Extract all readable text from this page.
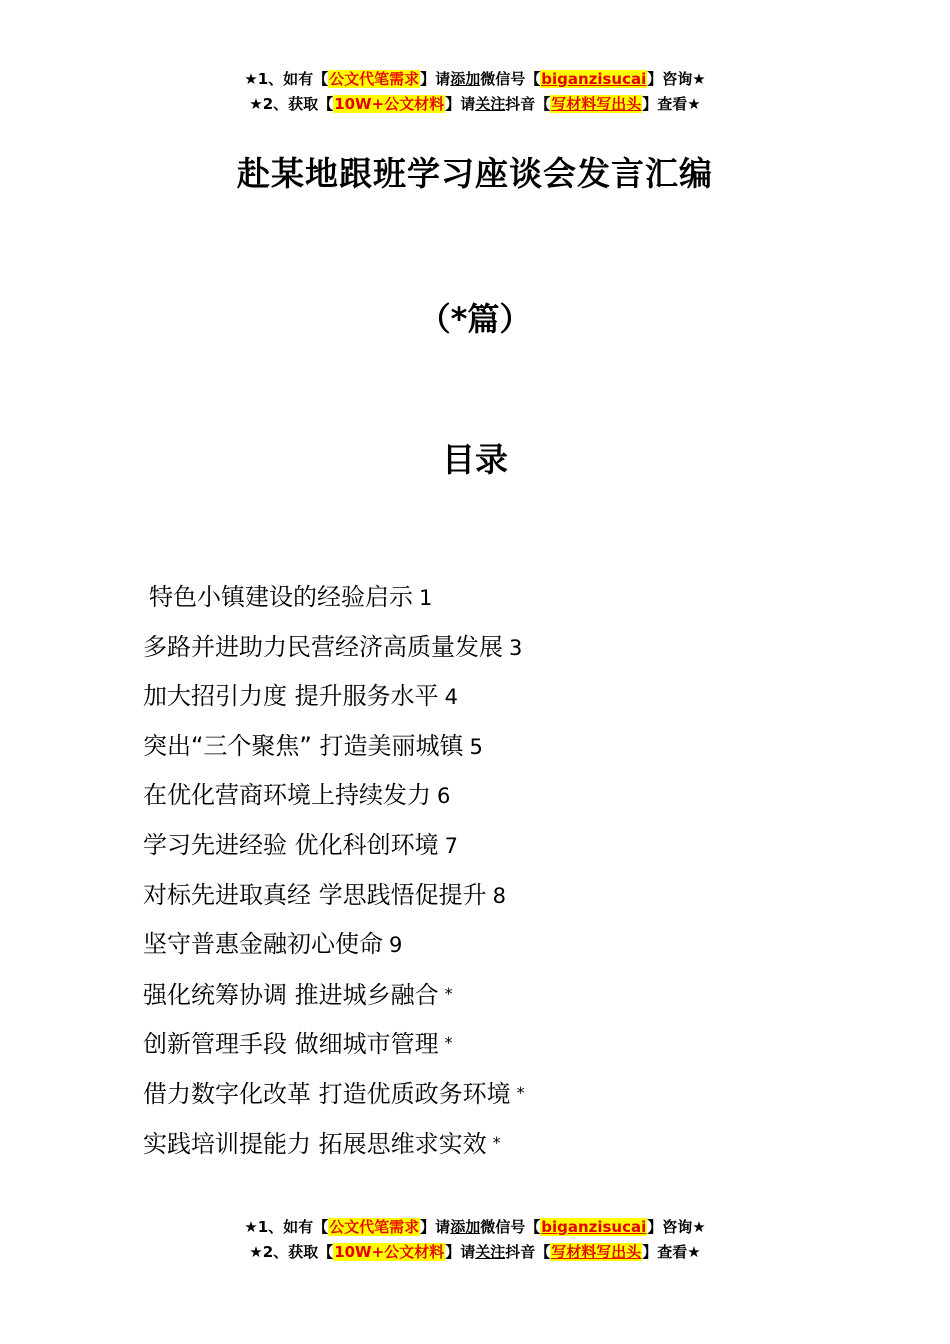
★1、如有【公文代笔需求】请添加微信号【biganzisucai】咨询★
★2、获取【10W+公文材料】请关注抖音【写材料写出头】查看★
赴某地跟班学习座谈会发言汇编
（*篇）
目录
特色小镇建设的经验启示 1
多路并进助力民营经济高质量发展 3
加大招引力度 提升服务水平 4
突出“三个聚焦” 打造美丽城镇 5
在优化营商环境上持续发力 6
学习先进经验 优化科创环境 7
对标先进取真经 学思践悟促提升 8
坚守普惠金融初心使命 9
强化统筹协调 推进城乡融合 *
创新管理手段 做细城市管理 *
借力数字化改革 打造优质政务环境 *
实践培训提能力 拓展思维求实效 *
★1、如有【公文代笔需求】请添加微信号【biganzisucai】咨询★
★2、获取【10W+公文材料】请关注抖音【写材料写出头】查看★
